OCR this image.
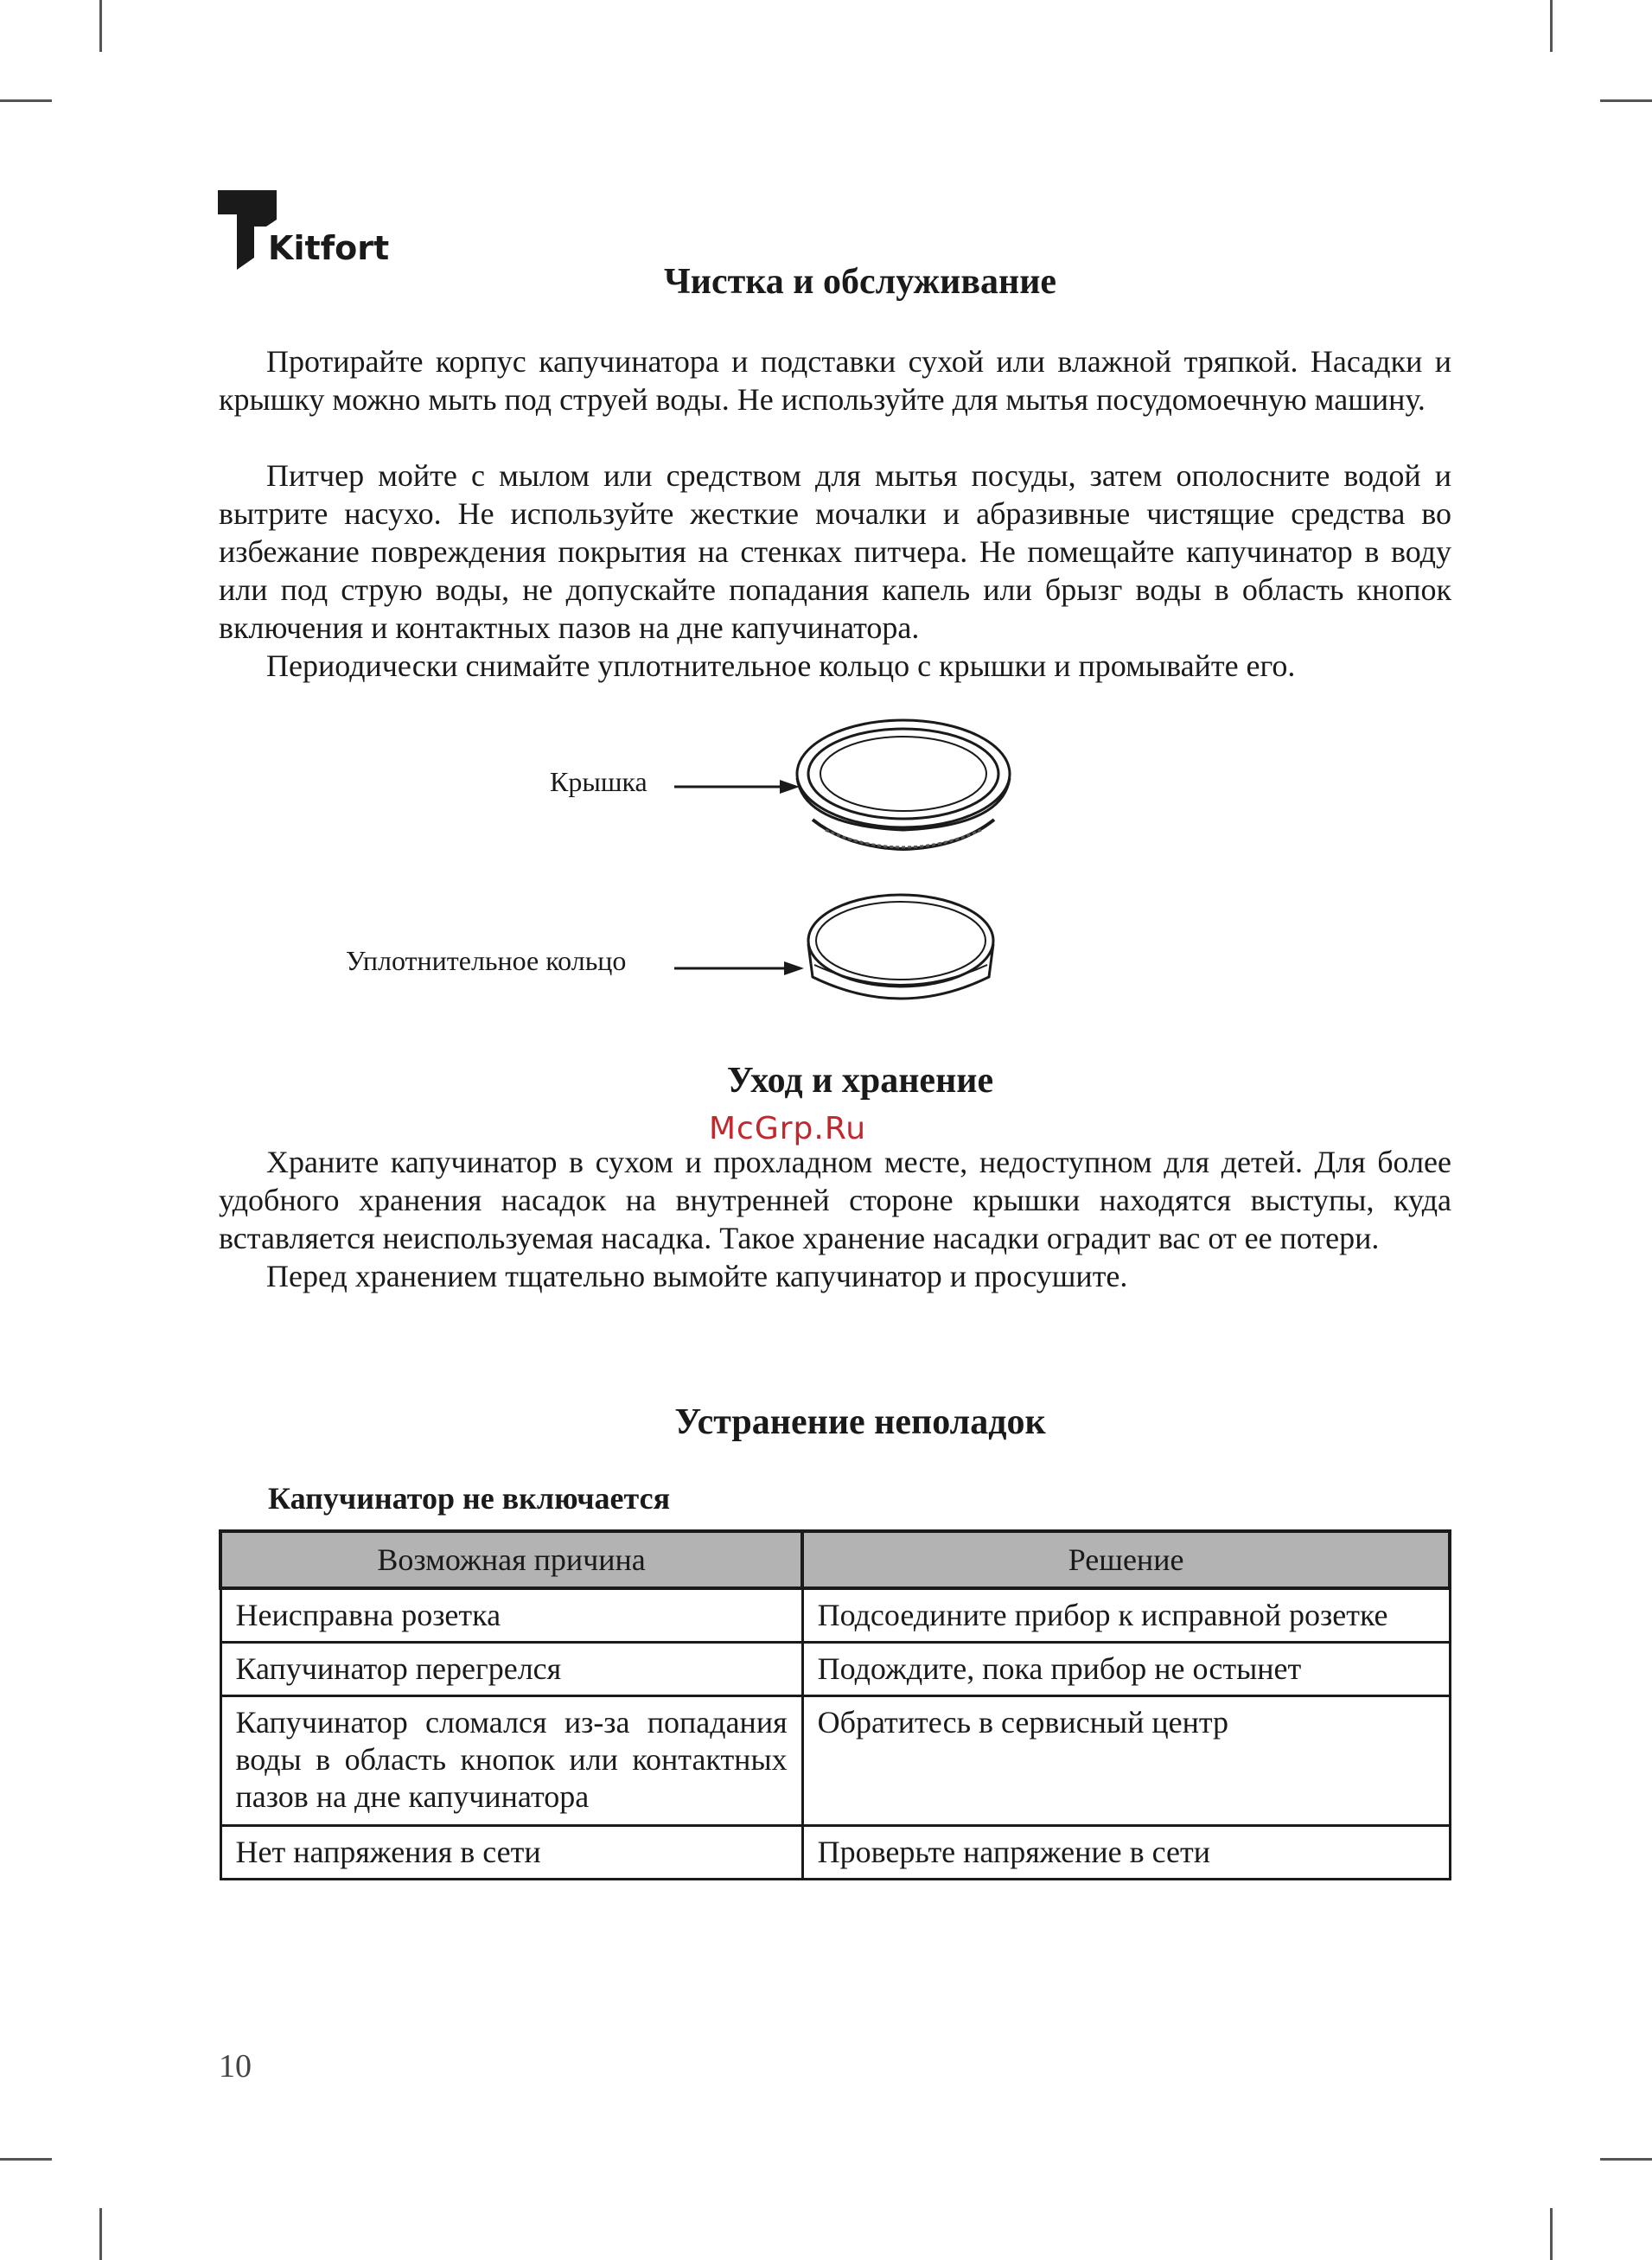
Kitfort
Чистка и обслуживание

Протирайте корпус капучинатора и подставки сухой или влажной тряпкой. Насадки и крышку можно мыть под струей воды. Не используйте для мытья посудомоечную машину.

Питчер мойте с мылом или средством для мытья посуды, затем ополосните водой и вытрите насухо. Не используйте жесткие мочалки и абразивные чистящие средства во избежание повреждения покрытия на стенках питчера. Не помещайте капучинатор в воду или под струю воды, не допускайте попадания капель или брызг воды в область кнопок включения и контактных пазов на дне капучинатора.

Периодически снимайте уплотнительное кольцо с крышки и промывайте его.

Крышка
Уплотнительное кольцо
Уход и хранение
McGrp.Ru

Храните капучинатор в сухом и прохладном месте, недоступном для детей. Для более удобного хранения насадок на внутренней стороне крышки находятся выступы, куда вставляется неиспользуемая насадка. Такое хранение насадки оградит вас от ее потери.

Перед хранением тщательно вымойте капучинатор и просушите.

Устранение неполадок
Капучинатор не включается
Возможная причина	Решение
Неисправна розетка	Подсоедините прибор к исправной розетке
Капучинатор перегрелся	Подождите, пока прибор не остынет
Капучинатор сломался из-за попадания воды в область кнопок или контактных пазов на дне капучинатора	Обратитесь в сервисный центр
Нет напряжения в сети	Проверьте напряжение в сети
10
